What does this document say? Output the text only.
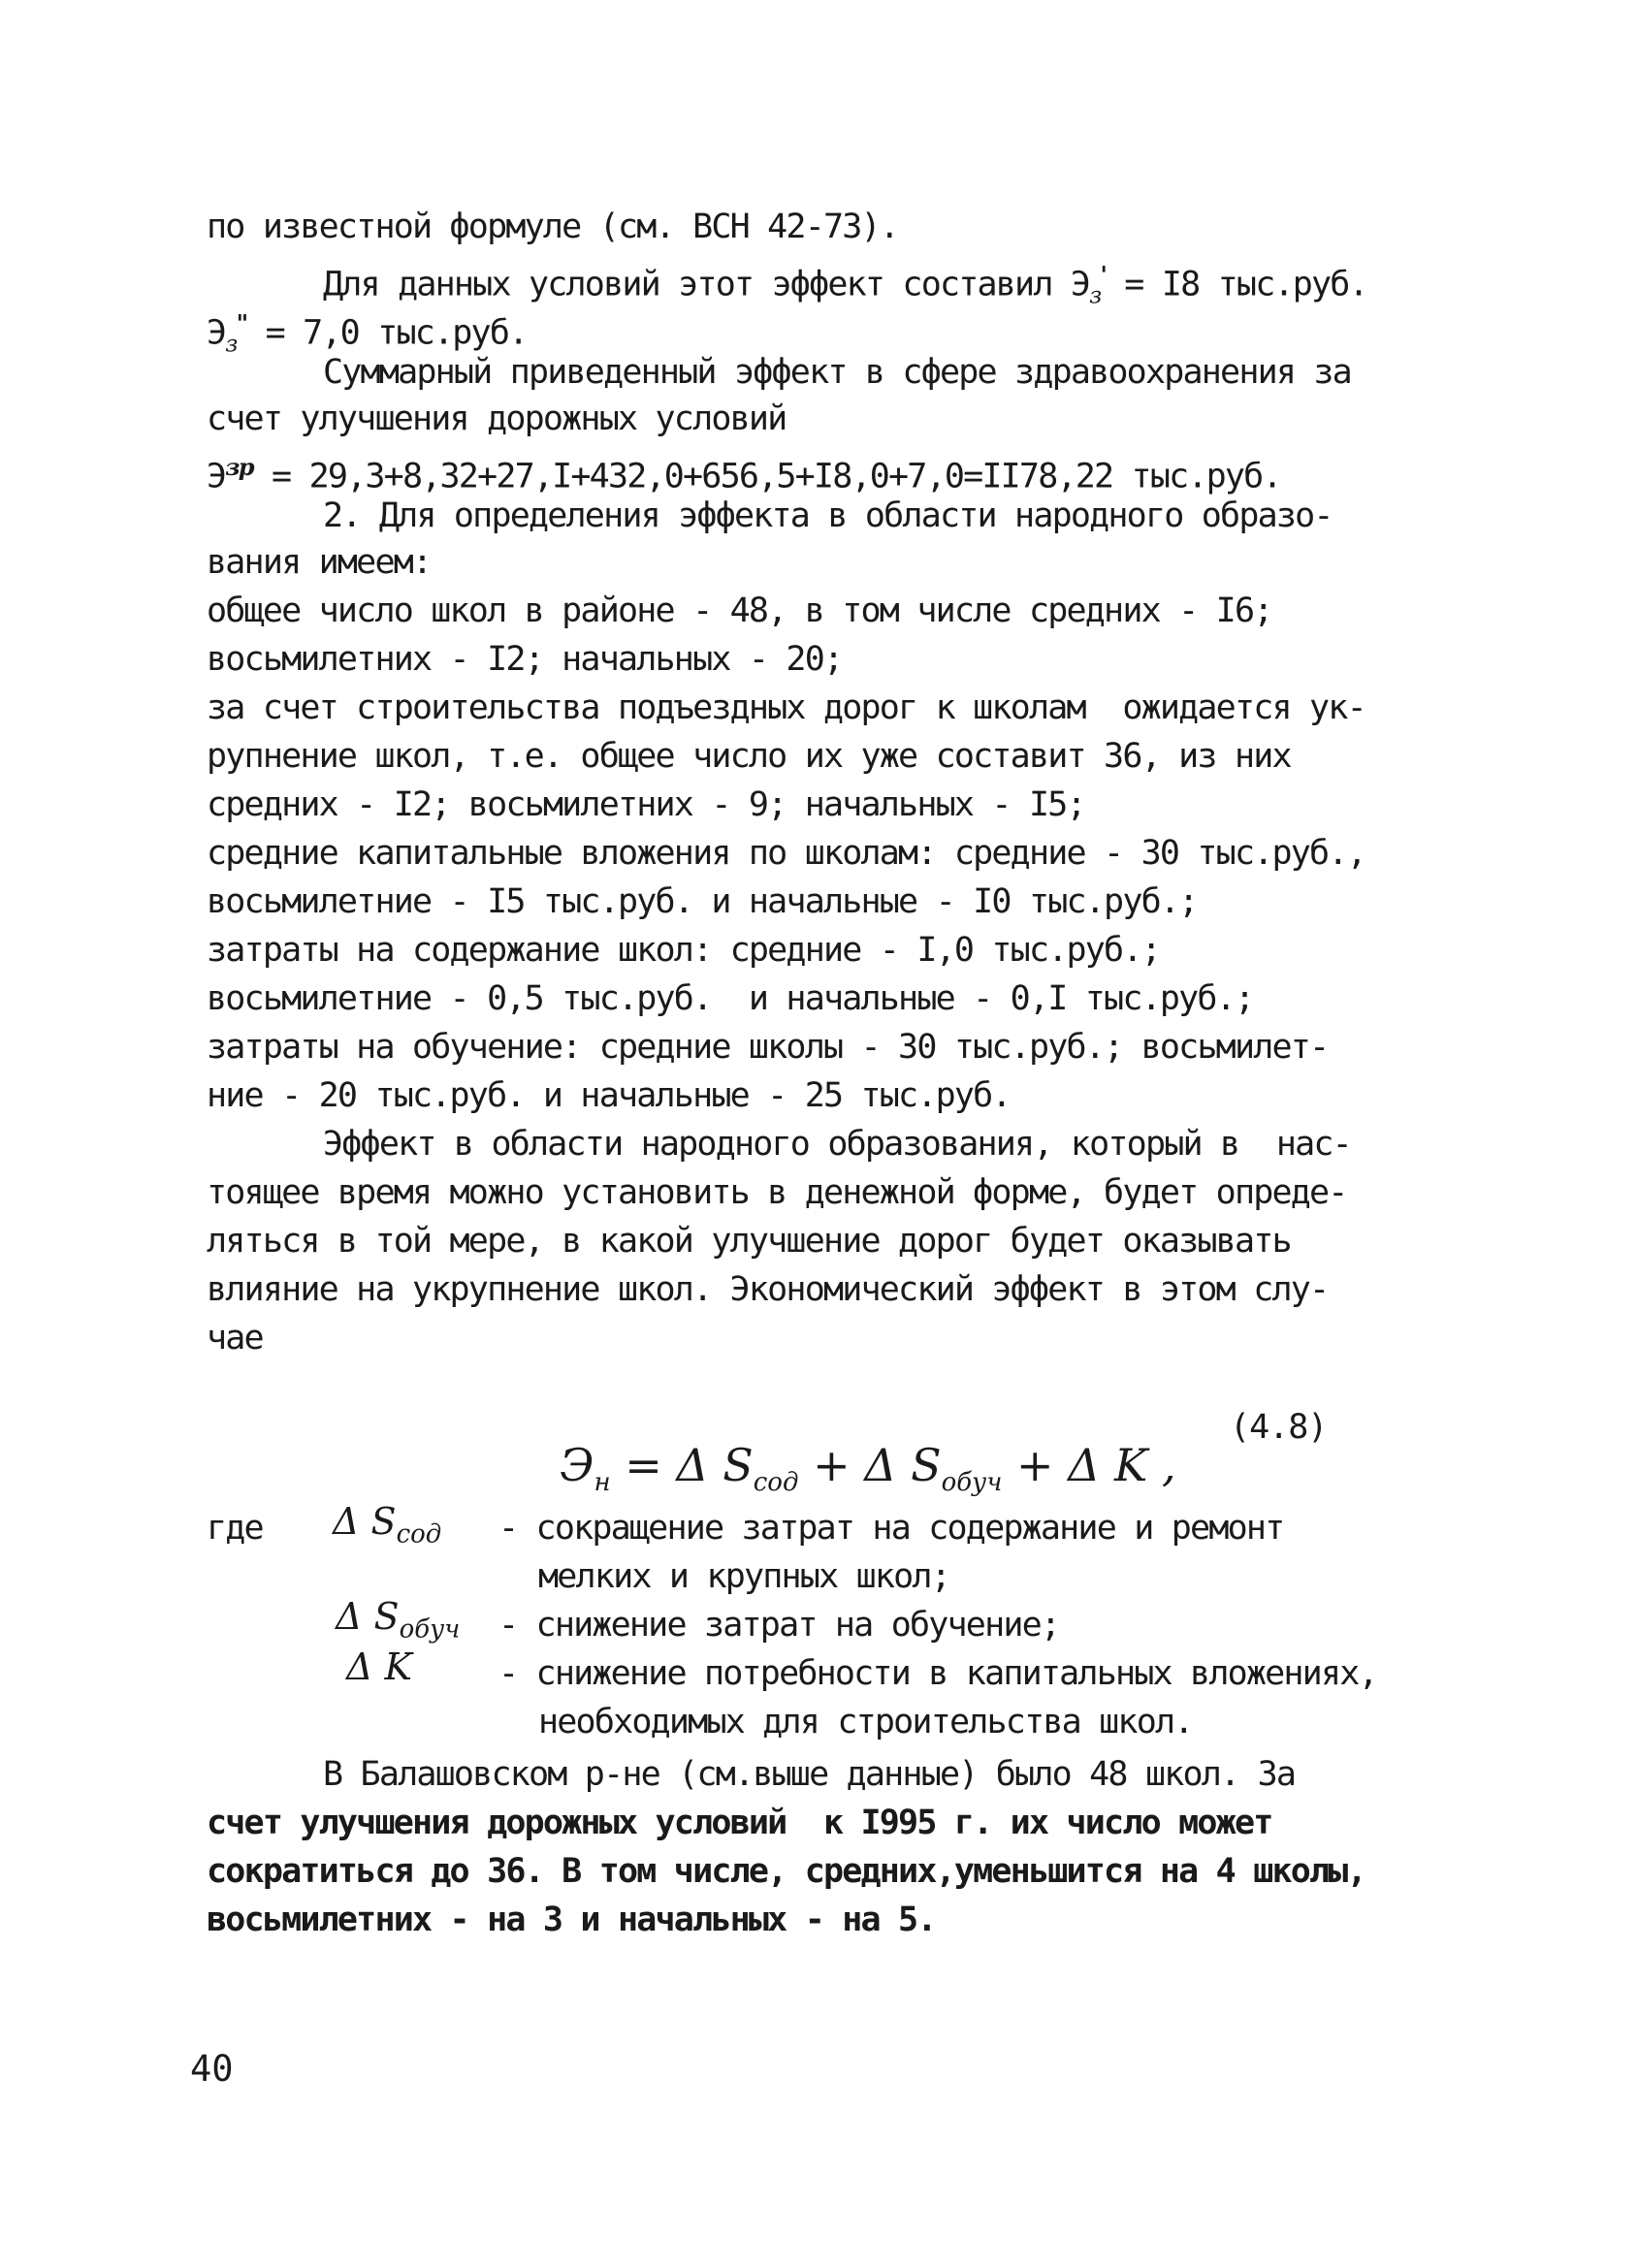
по известной формуле (см. ВСН 42-73).
Для данных условий этот эффект составил $Э_з' = I8$ тыс.руб.
$Э_з^" = 7,0$ тыс.руб.
Суммарный приведенный эффект в сфере здравоохранения за
счет улучшения дорожных условий
$Э^{зр} = 29,3+8,32+27,I+432,0+656,5+I8,0+7,0=II78,22$ тыс.руб.
2. Для определения эффекта в области народного образо-
вания имеем:
общее число школ в районе - 48, в том числе средних - I6;
восьмилетних - I2; начальных - 20;
за счет строительства подъездных дорог к школам  ожидается ук-
рупнение школ, т.е. общее число их уже составит 36, из них
средних - I2; восьмилетних - 9; начальных - I5;
средние капитальные вложения по школам: средние - 30 тыс.руб.,
восьмилетние - I5 тыс.руб. и начальные - I0 тыс.руб.;
затраты на содержание школ: средние - I,0 тыс.руб.;
восьмилетние - 0,5 тыс.руб.  и начальные - 0,I тыс.руб.;
затраты на обучение: средние школы - 30 тыс.руб.; восьмилет-
ние - 20 тыс.руб. и начальные - 25 тыс.руб.
Эффект в области народного образования, который в  нас-
тоящее время можно установить в денежной форме, будет опреде-
ляться в той мере, в какой улучшение дорог будет оказывать
влияние на укрупнение школ. Экономический эффект в этом слу-
чае

$Э_н = \Delta$ $S_{сод} + \Delta$ $S_{обуч} + \Delta$ K ,

(4.8)
где Δ $S_{сод}$ - сокращение затрат на содержание и ремонт
мелких и крупных школ;
Δ $S_{обуч}$ - снижение затрат на обучение;
Δ K	- снижение потребности в капитальных вложениях,
необходимых для строительства школ.
В Балашовском р-не (см.выше данные) было 48 школ. За
счет улучшения дорожных условий  к I995 г. их число может
сократиться до 36. В том числе, средних,уменьшится на 4 школы,
восьмилетних - на 3 и начальных - на 5.
40
